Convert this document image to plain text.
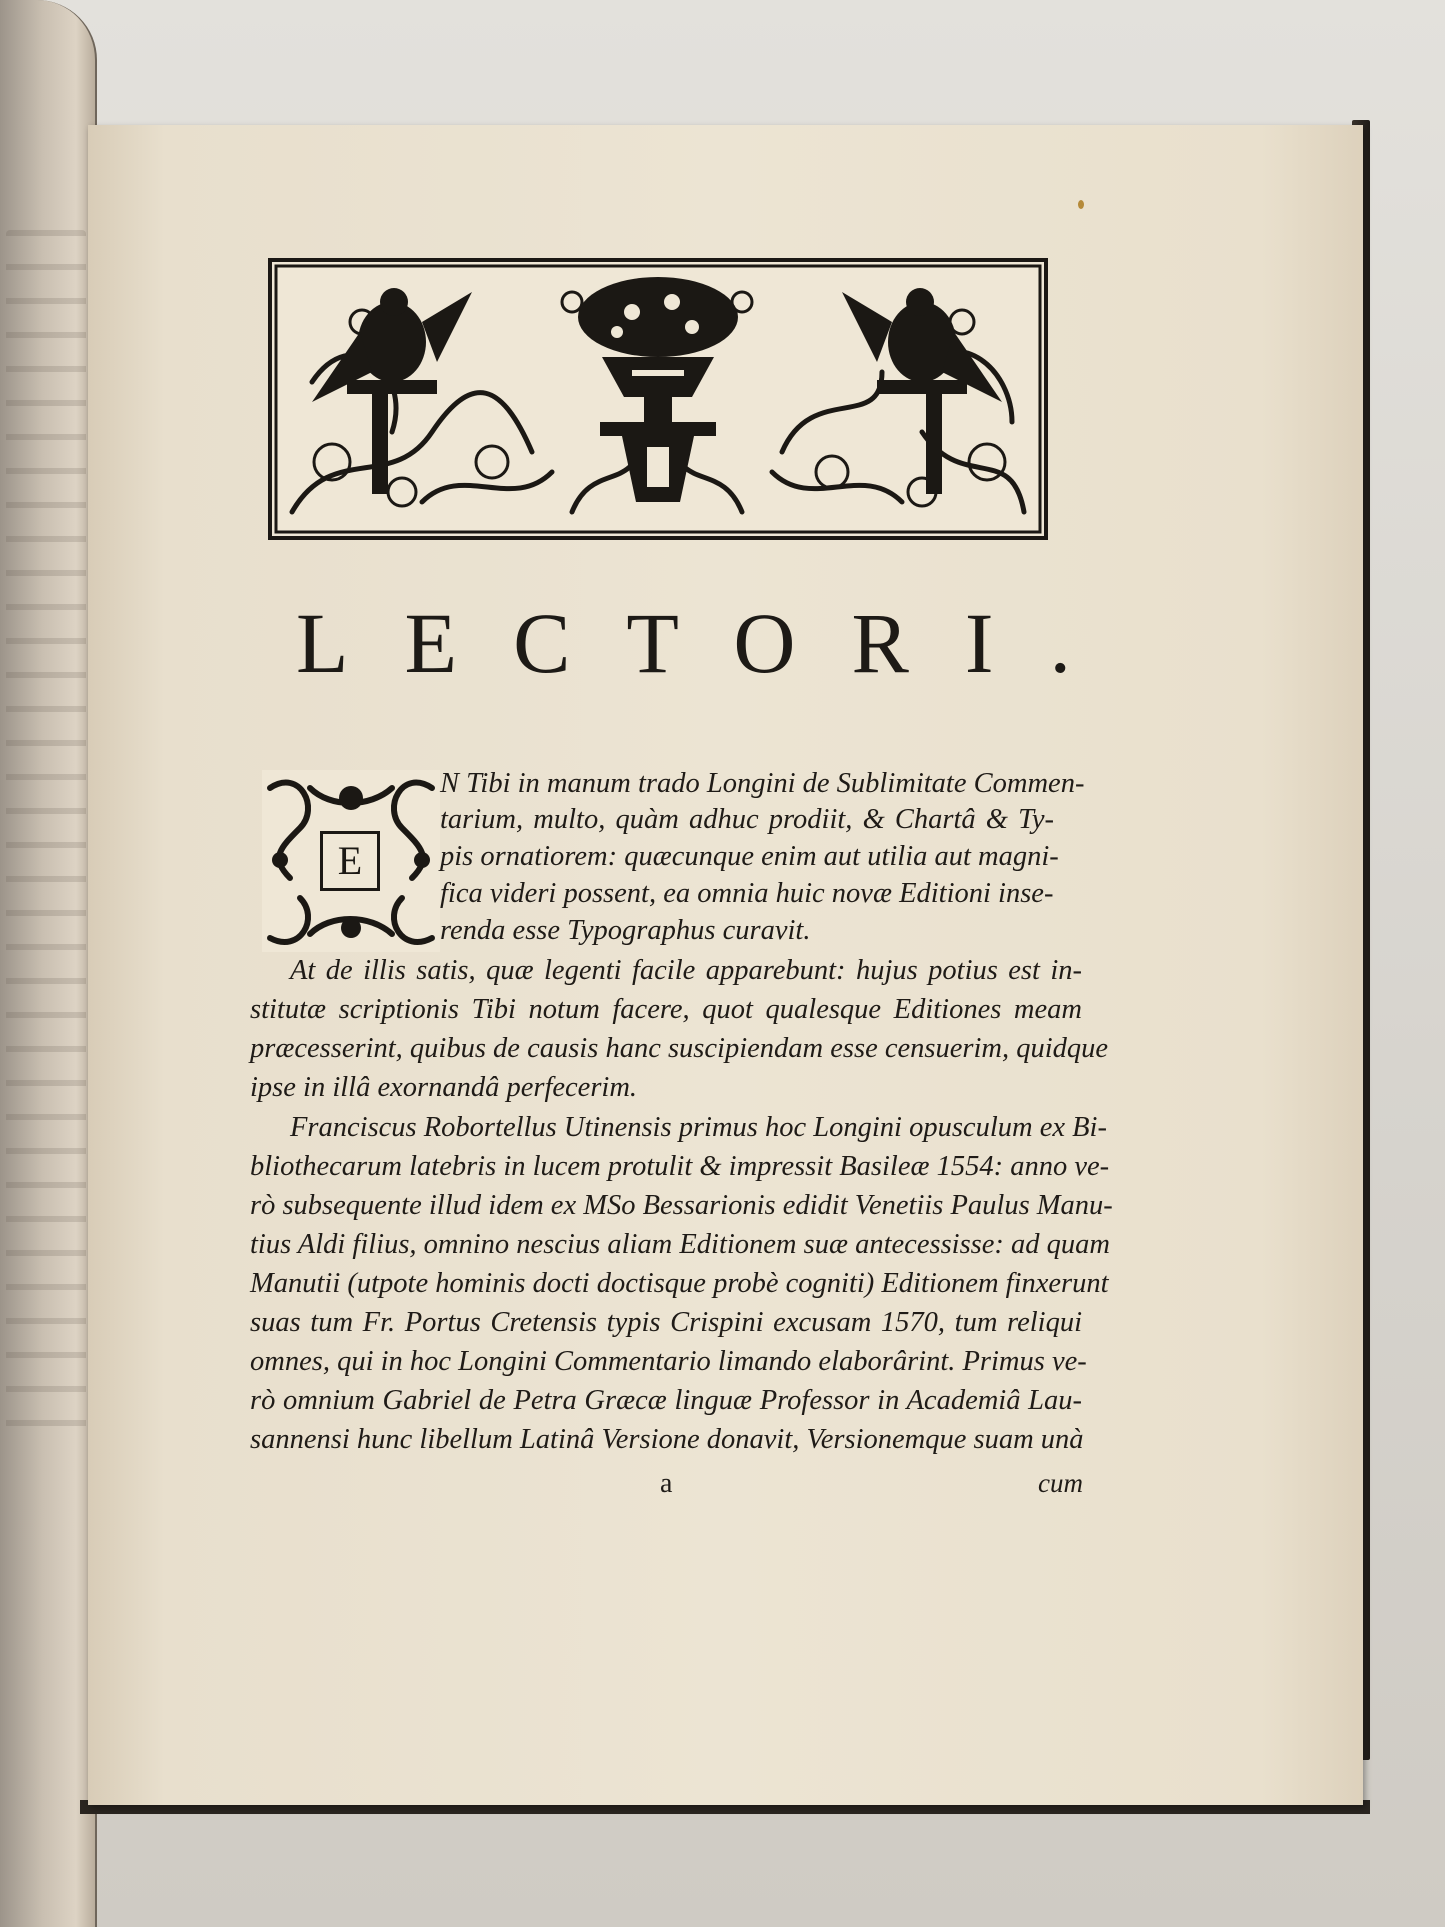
LECTORI.
E
N Tibi in manum trado Longini de Sublimitate Commen-
tarium, multo, quàm adhuc prodiit, & Chartâ & Ty-
pis ornatiorem: quæcunque enim aut utilia aut magni-
fica videri possent, ea omnia huic novæ Editioni inse-
renda esse Typographus curavit.
At de illis satis, quæ legenti facile apparebunt: hujus potius est in-
stitutæ scriptionis Tibi notum facere, quot qualesque Editiones meam
præcesserint, quibus de causis hanc suscipiendam esse censuerim, quidque
ipse in illâ exornandâ perfecerim.
Franciscus Robortellus Utinensis primus hoc Longini opusculum ex Bi-
bliothecarum latebris in lucem protulit & impressit Basileæ 1554: anno ve-
rò subsequente illud idem ex MSo Bessarionis edidit Venetiis Paulus Manu-
tius Aldi filius, omnino nescius aliam Editionem suæ antecessisse: ad quam
Manutii (utpote hominis docti doctisque probè cogniti) Editionem finxerunt
suas tum Fr. Portus Cretensis typis Crispini excusam 1570, tum reliqui
omnes, qui in hoc Longini Commentario limando elaborârint. Primus ve-
rò omnium Gabriel de Petra Græcæ linguæ Professor in Academiâ Lau-
sannensi hunc libellum Latinâ Versione donavit, Versionemque suam unà
a	cum
